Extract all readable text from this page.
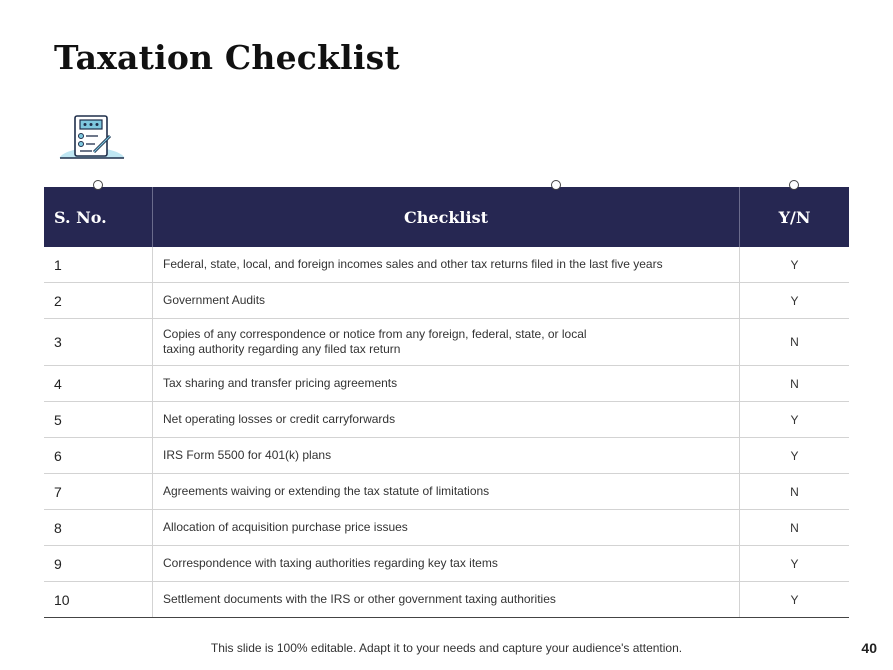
Taxation Checklist
S. No.	Checklist	Y/N
1	Federal, state, local, and foreign incomes sales and other tax returns filed in the last five years	Y
2	Government Audits	Y
3	Copies of any correspondence or notice from any foreign, federal, state, or local taxing authority regarding any filed tax return	N
4	Tax sharing and transfer pricing agreements	N
5	Net operating losses or credit carryforwards	Y
6	IRS Form 5500 for 401(k) plans	Y
7	Agreements waiving or extending the tax statute of limitations	N
8	Allocation of acquisition purchase price issues	N
9	Correspondence with taxing authorities regarding key tax items	Y
10	Settlement documents with the IRS or other government taxing authorities	Y
This slide is 100% editable. Adapt it to your needs and capture your audience's attention.	40
